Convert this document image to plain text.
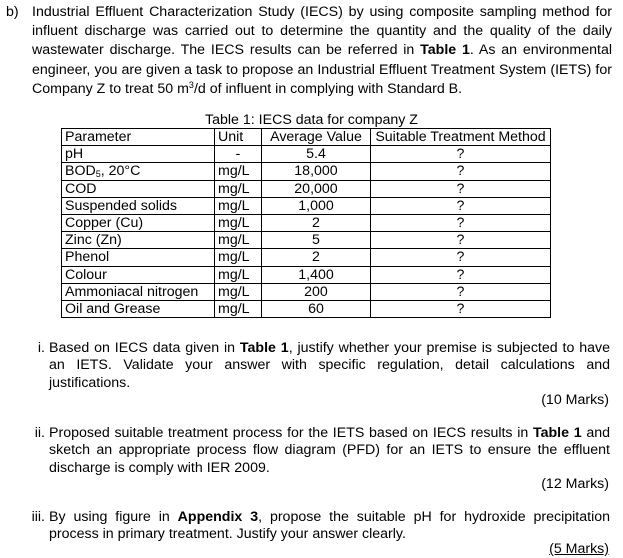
b) Industrial Effluent Characterization Study (IECS) by using composite sampling method for influent discharge was carried out to determine the quantity and the quality of the daily wastewater discharge. The IECS results can be referred in Table 1. As an environmental engineer, you are given a task to propose an Industrial Effluent Treatment System (IETS) for Company Z to treat 50 $m^3/d$ of influent in complying with Standard B.
Table 1: IECS data for company Z
Parameter	Unit	Average Value	Suitable Treatment Method
pH	-	5.4	?
$BOD_5$, 20°C	mg/L	18,000	?
COD	mg/L	20,000	?
Suspended solids	mg/L	1,000	?
Copper (Cu)	mg/L	2	?
Zinc (Zn)	mg/L	5	?
Phenol	mg/L	2	?
Colour	mg/L	1,400	?
Ammoniacal nitrogen	mg/L	200	?
Oil and Grease	mg/L	60	?
i. Based on IECS data given in Table 1, justify whether your premise is subjected to have an IETS. Validate your answer with specific regulation, detail calculations and justifications.
(10 Marks)
ii. Proposed suitable treatment process for the IETS based on IECS results in Table 1 and sketch an appropriate process flow diagram (PFD) for an IETS to ensure the effluent discharge is comply with IER 2009.
(12 Marks)
iii. By using figure in Appendix 3, propose the suitable pH for hydroxide precipitation process in primary treatment. Justify your answer clearly.
(5 Marks)
